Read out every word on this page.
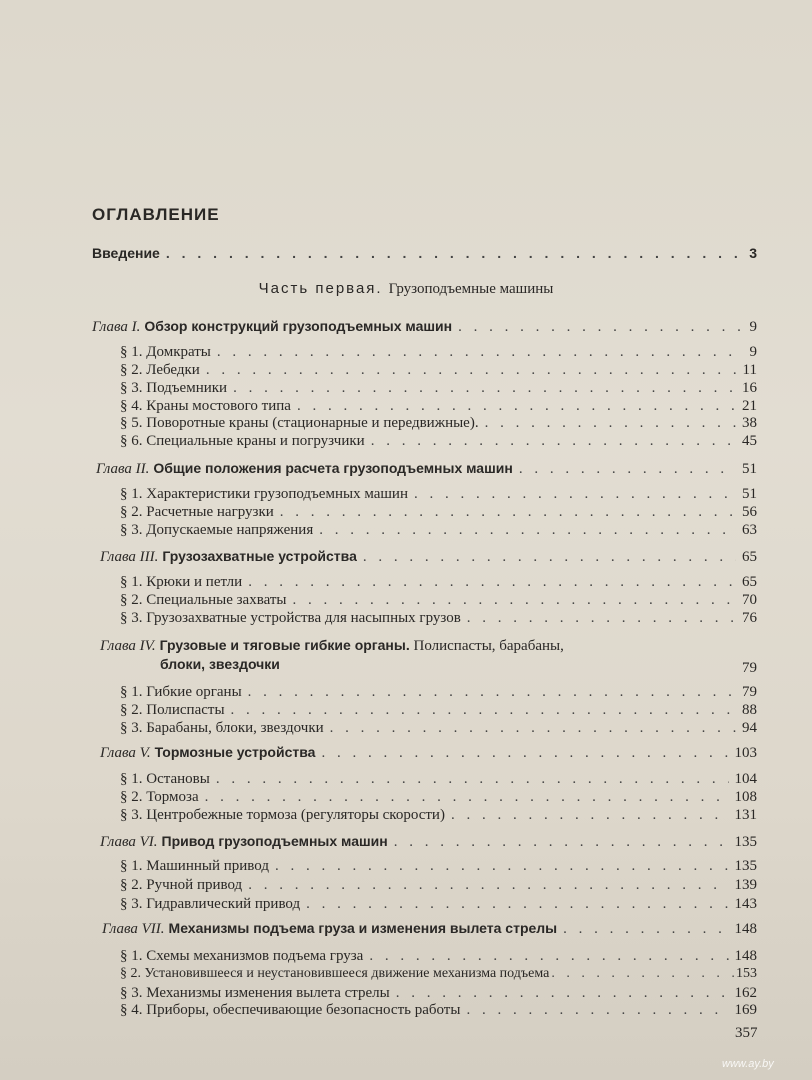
ОГЛАВЛЕНИЕ
Введение . . .	3
Часть первая. Грузоподъемные машины
Глава I. Обзор конструкций грузоподъемных машин . . .	9
§ 1. Домкраты . . .	9
§ 2. Лебедки . . .	11
§ 3. Подъемники . . .	16
§ 4. Краны мостового типа . . .	21
§ 5. Поворотные краны (стационарные и передвижные). . . .	38
§ 6. Специальные краны и погрузчики . . .	45
Глава II. Общие положения расчета грузоподъемных машин . . .	51
§ 1. Характеристики грузоподъемных машин . . .	51
§ 2. Расчетные нагрузки . . .	56
§ 3. Допускаемые напряжения . . .	63
Глава III. Грузозахватные устройства . . .	65
§ 1. Крюки и петли . . .	65
§ 2. Специальные захваты . . .	70
§ 3. Грузозахватные устройства для насыпных грузов . . .	76
Глава IV. Грузовые и тяговые гибкие органы.
Полиспасты, барабаны,
блоки, звездочки	79
§ 1. Гибкие органы . . .	79
§ 2. Полиспасты . . .	88
§ 3. Барабаны, блоки, звездочки . . .	94
Глава V. Тормозные устройства . . .	103
§ 1. Остановы . . .	104
§ 2. Тормоза . . .	108
§ 3. Центробежные тормоза (регуляторы скорости) . . .	131
Глава VI. Привод грузоподъемных машин . . .	135
§ 1. Машинный привод . . .	135
§ 2. Ручной привод . . .	139
§ 3. Гидравлический привод . . .	143
Глава VII. Механизмы подъема груза и изменения вылета стрелы . . .	148
§ 1. Схемы механизмов подъема груза . . .	148
§ 2. Установившееся и неустановившееся движение механизма подъема . . .	153
§ 3. Механизмы изменения вылета стрелы . . .	162
§ 4. Приборы, обеспечивающие безопасность работы . . .	169
357
www.ay.by
